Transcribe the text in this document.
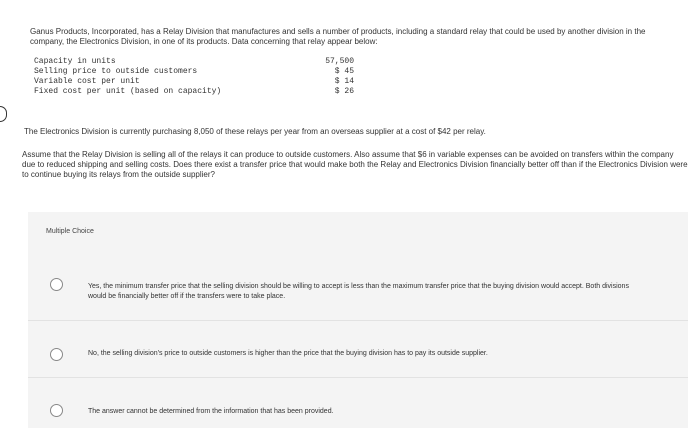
Ganus Products, Incorporated, has a Relay Division that manufactures and sells a number of products, including a standard relay that could be used by another division in the company, the Electronics Division, in one of its products. Data concerning that relay appear below:
Capacity in units	57,500
Selling price to outside customers	$ 45
Variable cost per unit	$ 14
Fixed cost per unit (based on capacity)	$ 26
The Electronics Division is currently purchasing 8,050 of these relays per year from an overseas supplier at a cost of $42 per relay.
Assume that the Relay Division is selling all of the relays it can produce to outside customers. Also assume that $6 in variable expenses can be avoided on transfers within the company due to reduced shipping and selling costs. Does there exist a transfer price that would make both the Relay and Electronics Division financially better off than if the Electronics Division were to continue buying its relays from the outside supplier?
Multiple Choice
Yes, the minimum transfer price that the selling division should be willing to accept is less than the maximum transfer price that the buying division would accept. Both divisions would be financially better off if the transfers were to take place.
No, the selling division's price to outside customers is higher than the price that the buying division has to pay its outside supplier.
The answer cannot be determined from the information that has been provided.
